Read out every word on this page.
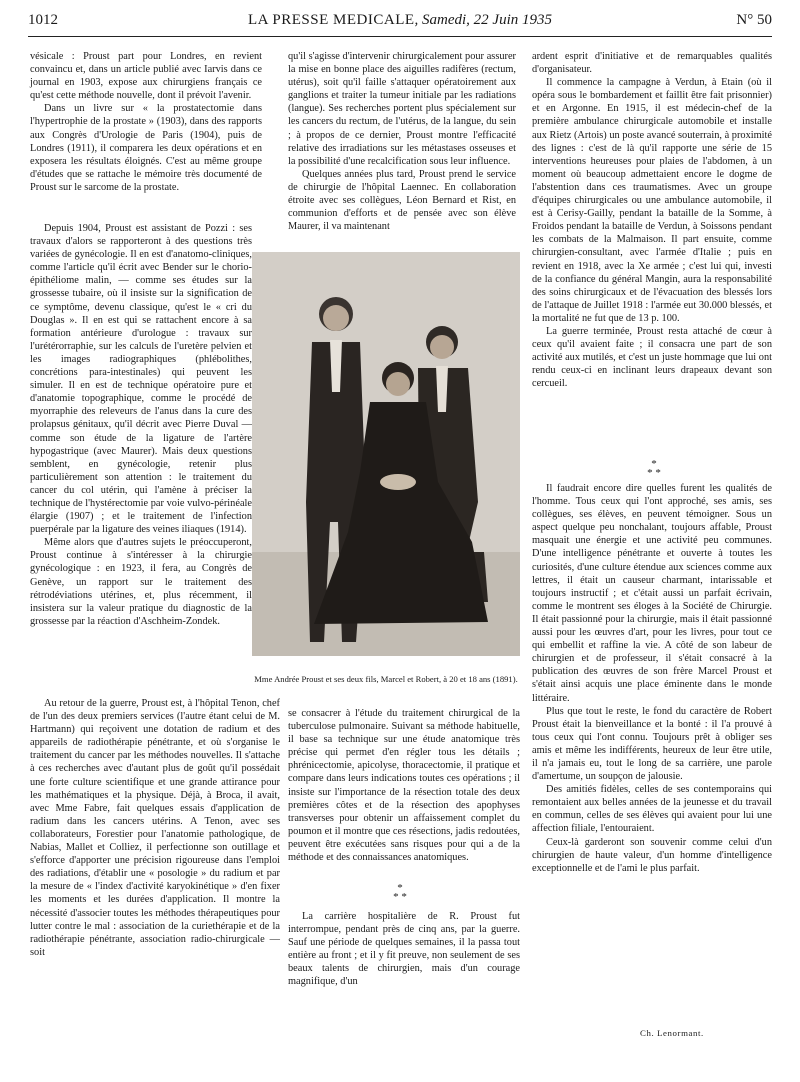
1012	LA PRESSE MEDICALE, Samedi, 22 Juin 1935	N° 50

vésicale : Proust part pour Londres, en revient convaincu et, dans un article publié avec Iarvis dans ce journal en 1903, expose aux chirurgiens français ce qu'est cette méthode nouvelle, dont il prévoit l'avenir.

Dans un livre sur « la prostatectomie dans l'hypertrophie de la prostate » (1903), dans des rapports aux Congrès d'Urologie de Paris (1904), puis de Londres (1911), il comparera les deux opérations et en exposera les résultats éloignés. C'est au même groupe d'études que se rattache le mémoire très documenté de Proust sur le sarcome de la prostate.

Depuis 1904, Proust est assistant de Pozzi : ses travaux d'alors se rapporteront à des questions très variées de gynécologie. Il en est d'anatomo-cliniques, comme l'article qu'il écrit avec Bender sur le chorio-épithéliome malin, — comme ses études sur la grossesse tubaire, où il insiste sur la signification de ce symptôme, devenu classique, qu'est le « cri du Douglas ». Il en est qui se rattachent encore à sa formation antérieure d'urologue : travaux sur l'urétérorraphie, sur les calculs de l'uretère pelvien et les images radiographiques (phlébolithes, concrétions para-intestinales) qui peuvent les simuler. Il en est de technique opératoire pure et d'anatomie topographique, comme le procédé de myorraphie des releveurs de l'anus dans la cure des prolapsus génitaux, qu'il décrit avec Pierre Duval — comme son étude de la ligature de l'artère hypogastrique (avec Maurer). Mais deux questions semblent, en gynécologie, retenir plus particulièrement son attention : le traitement du cancer du col utérin, qui l'amène à préciser la technique de l'hystérectomie par voie vulvo-périnéale élargie (1907) ; et le traitement de l'infection puerpérale par la ligature des veines iliaques (1914).

Même alors que d'autres sujets le préoccuperont, Proust continue à s'intéresser à la chirurgie gynécologique : en 1923, il fera, au Congrès de Genève, un rapport sur le traitement des rétrodéviations utérines, et, plus récemment, il insistera sur la valeur pratique du diagnostic de la grossesse par la réaction d'Aschheim-Zondek.

Au retour de la guerre, Proust est, à l'hôpital Tenon, chef de l'un des deux premiers services (l'autre étant celui de M. Hartmann) qui reçoivent une dotation de radium et des appareils de radiothérapie pénétrante, et où s'organise le traitement du cancer par les méthodes nouvelles. Il s'attache à ces recherches avec d'autant plus de goût qu'il possédait une forte culture scientifique et une grande attirance pour les mathématiques et la physique. Déjà, à Broca, il avait, avec Mme Fabre, fait quelques essais d'application de radium dans les cancers utérins. A Tenon, avec ses collaborateurs, Forestier pour l'anatomie pathologique, de Nabias, Mallet et Colliez, il perfectionne son outillage et s'efforce d'apporter une précision rigoureuse dans l'emploi des radiations, d'établir une « posologie » du radium et par la mesure de « l'index d'activité karyokinétique » d'en fixer les moments et les durées d'application. Il montre la nécessité d'associer toutes les méthodes thérapeutiques pour lutter contre le mal : association de la curiethérapie et de la radiothérapie pénétrante, association radio-chirurgicale — soit

qu'il s'agisse d'intervenir chirurgicalement pour assurer la mise en bonne place des aiguilles radifères (rectum, utérus), soit qu'il faille s'attaquer opératoirement aux ganglions et traiter la tumeur initiale par les radiations (langue). Ses recherches portent plus spécialement sur les cancers du rectum, de l'utérus, de la langue, du sein ; à propos de ce dernier, Proust montre l'efficacité relative des irradiations sur les métastases osseuses et la possibilité d'une recalcification sous leur influence.

Quelques années plus tard, Proust prend le service de chirurgie de l'hôpital Laennec. En collaboration étroite avec ses collègues, Léon Bernard et Rist, en communion d'efforts et de pensée avec son élève Maurer, il va maintenant

Mme Andrée Proust et ses deux fils, Marcel et Robert, à 20 et 18 ans (1891).

se consacrer à l'étude du traitement chirurgical de la tuberculose pulmonaire. Suivant sa méthode habituelle, il base sa technique sur une étude anatomique très précise qui permet d'en régler tous les détails ; phrénicectomie, apicolyse, thoracectomie, il pratique et compare dans leurs indications toutes ces opérations ; il insiste sur l'importance de la résection totale des deux premières côtes et de la résection des apophyses transverses pour obtenir un affaissement complet du poumon et il montre que ces résections, jadis redoutées, peuvent être exécutées sans risques pour qui a de la méthode et des connaissances anatomiques.

*
* *

La carrière hospitalière de R. Proust fut interrompue, pendant près de cinq ans, par la guerre. Sauf une période de quelques semaines, il la passa tout entière au front ; et il y fit preuve, non seulement de ses beaux talents de chirurgien, mais d'un courage magnifique, d'un

ardent esprit d'initiative et de remarquables qualités d'organisateur.

Il commence la campagne à Verdun, à Etain (où il opéra sous le bombardement et faillit être fait prisonnier) et en Argonne. En 1915, il est médecin-chef de la première ambulance chirurgicale automobile et installe aux Rietz (Artois) un poste avancé souterrain, à proximité des lignes : c'est de là qu'il rapporte une série de 15 interventions heureuses pour plaies de l'abdomen, à un moment où beaucoup admettaient encore le dogme de l'abstention dans ces traumatismes. Avec un groupe d'équipes chirurgicales ou une ambulance automobile, il est à Cerisy-Gailly, pendant la bataille de la Somme, à Froidos pendant la bataille de Verdun, à Soissons pendant les combats de la Malmaison. Il part ensuite, comme chirurgien-consultant, avec l'armée d'Italie ; puis en revient en 1918, avec la Xe armée ; c'est lui qui, investi de la confiance du général Mangin, aura la responsabilité des soins chirurgicaux et de l'évacuation des blessés lors de l'attaque de Juillet 1918 : l'armée eut 30.000 blessés, et la mortalité ne fut que de 13 p. 100.

La guerre terminée, Proust resta attaché de cœur à ceux qu'il avaient faite ; il consacra une part de son activité aux mutilés, et c'est un juste hommage que lui ont rendu ceux-ci en inclinant leurs drapeaux devant son cercueil.

*
* *

Il faudrait encore dire quelles furent les qualités de l'homme. Tous ceux qui l'ont approché, ses amis, ses collègues, ses élèves, en peuvent témoigner. Sous un aspect quelque peu nonchalant, toujours affable, Proust masquait une énergie et une activité peu communes. D'une intelligence pénétrante et ouverte à toutes les curiosités, d'une culture étendue aux sciences comme aux lettres, il était un causeur charmant, intarissable et toujours instructif ; et c'était aussi un parfait écrivain, comme le montrent ses éloges à la Société de Chirurgie. Il était passionné pour la chirurgie, mais il était passionné aussi pour les œuvres d'art, pour les livres, pour tout ce qui embellit et raffine la vie. A côté de son labeur de chirurgien et de professeur, il s'était consacré à la publication des œuvres de son frère Marcel Proust et s'était ainsi acquis une place éminente dans le monde littéraire.

Plus que tout le reste, le fond du caractère de Robert Proust était la bienveillance et la bonté : il l'a prouvé à tous ceux qui l'ont connu. Toujours prêt à obliger ses amis et même les indifférents, heureux de leur être utile, il n'a jamais eu, tout le long de sa carrière, une parole d'amertume, un soupçon de jalousie.

Des amitiés fidèles, celles de ses contemporains qui remontaient aux belles années de la jeunesse et du travail en commun, celles de ses élèves qui avaient pour lui une affection filiale, l'entouraient.

Ceux-là garderont son souvenir comme celui d'un chirurgien de haute valeur, d'un homme d'intelligence exceptionnelle et de l'ami le plus parfait.

Ch. Lenormant.
